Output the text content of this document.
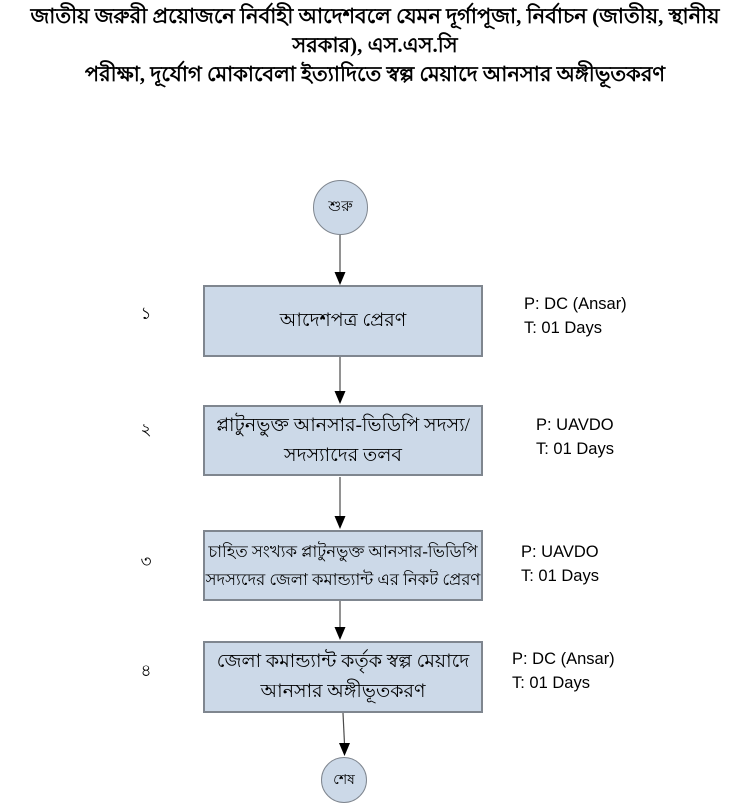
জাতীয় জরুরী প্রয়োজনে নির্বাহী আদেশবলে যেমন দূর্গাপূজা, নির্বাচন (জাতীয়, স্থানীয় সরকার), এস.এস.সি
পরীক্ষা, দূর্যোগ মোকাবেলা ইত্যাদিতে স্বল্প মেয়াদে আনসার অঙ্গীভূতকরণ
শুরু
১	আদেশপত্র প্রেরণ
P: DC (Ansar)
T: 01 Days
২	প্লাটুনভুক্ত আনসার-ভিডিপি সদস্য/
সদস্যাদের তলব
P: UAVDO
T: 01 Days
৩
চাহিত সংখ্যক প্লাটুনভুক্ত আনসার-ভিডিপি
সদস্যদের জেলা কমান্ড্যান্ট এর নিকট প্রেরণ
P: UAVDO
T: 01 Days
৪	জেলা কমান্ড্যান্ট কর্তৃক স্বল্প মেয়াদে
আনসার অঙ্গীভূতকরণ
P: DC (Ansar)
T: 01 Days
শেষ
